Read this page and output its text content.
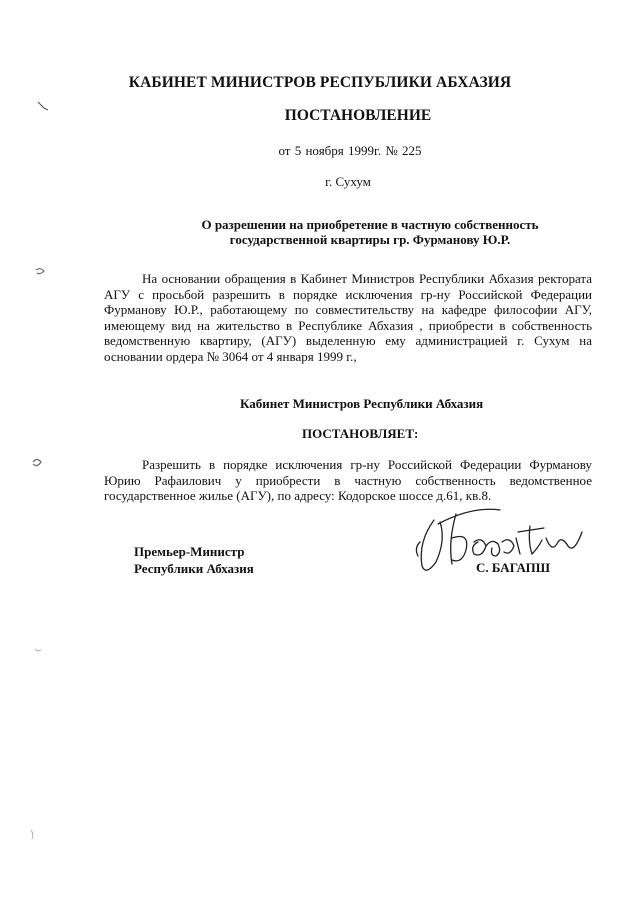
КАБИНЕТ МИНИСТРОВ РЕСПУБЛИКИ АБХАЗИЯ
ПОСТАНОВЛЕНИЕ
от 5 ноября 1999г. № 225
г. Сухум
О разрешении на приобретение в частную собственность
государственной квартиры гр. Фурманову Ю.Р.
На основании обращения в Кабинет Министров Республики Абхазия ректората АГУ с просьбой разрешить в порядке исключения гр-ну Российской Федерации Фурманову Ю.Р., работающему по совместительству на кафедре философии АГУ, имеющему вид на жительство в Республике Абхазия , приобрести в собственность ведомственную квартиру, (АГУ) выделенную ему администрацией г. Сухум на основании ордера № 3064 от 4 января 1999 г.,
Кабинет Министров Республики Абхазия
ПОСТАНОВЛЯЕТ:
Разрешить в порядке исключения гр-ну Российской Федерации Фурманову Юрию Рафаилович у приобрести в частную собственность ведомственное государственное жилье (АГУ), по адресу: Кодорское шоссе д.61, кв.8.
Премьер-Министр
Республики Абхазия	С. БАГАПШ
